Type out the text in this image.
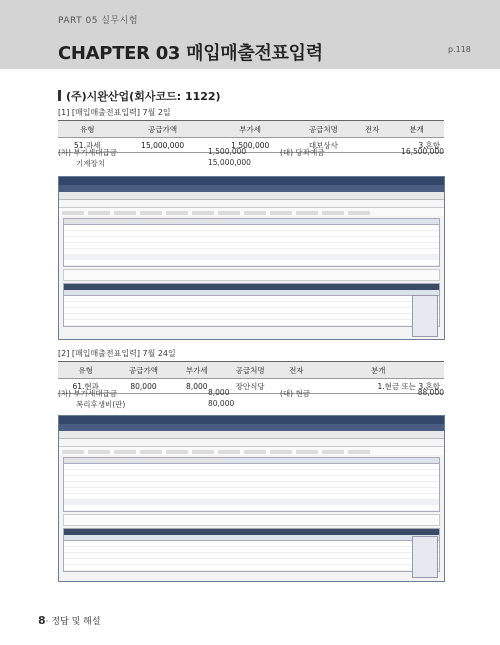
PART 05 실무시험
CHAPTER 03 매입매출전표입력	p.118
(주)시완산업(회사코드: 1122)
[1] [매입매출전표입력] 7월 2일
유형	공급가액	부가세	공급처명	전자	분개
51.과세	15,000,000	1,500,000	대보상사		3.혼합
(차) 부가세대급금	1,500,000	(대) 당좌예금	16,500,000
기계장치	15,000,000
[2] [매입매출전표입력] 7월 24일
유형	공급가액	부가세	공급처명	전자	분개
61.현과	80,000	8,000	장안식당		1.현금 또는 3.혼합
(차) 부가세대급금	8,000	(대) 현금	88,000
복리후생비(판)	80,000
8· 정답 및 해설
